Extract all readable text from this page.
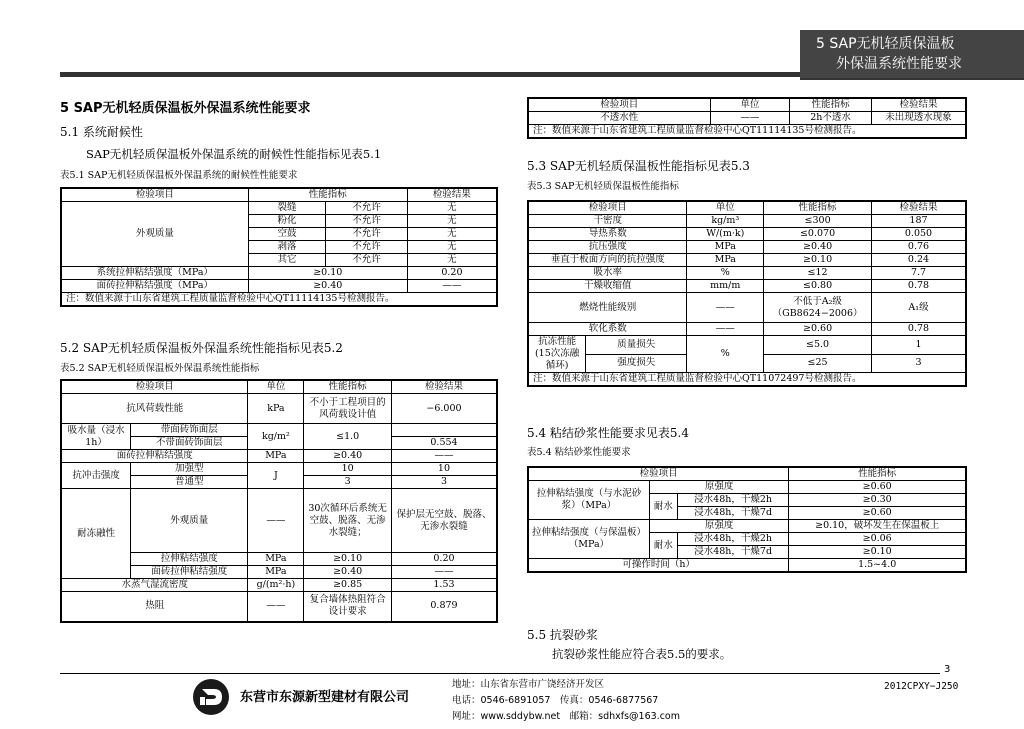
5 SAP无机轻质保温板
外保温系统性能要求
5 SAP无机轻质保温板外保温系统性能要求
5.1 系统耐候性
SAP无机轻质保温板外保温系统的耐候性性能指标见表5.1
表5.1 SAP无机轻质保温板外保温系统的耐候性性能要求
检验项目	性能指标		检验结果
外观质量	裂缝	不允许	无
	粉化	不允许	无
	空鼓	不允许	无
	剥落	不允许	无
	其它	不允许	无
系统拉伸粘结强度（MPa）	≥0.10		0.20
面砖拉伸粘结强度（MPa）	≥0.40		——
注：数值来源于山东省建筑工程质量监督检验中心QT11114135号检测报告。			
5.2 SAP无机轻质保温板外保温系统性能指标见表5.2
表5.2 SAP无机轻质保温板外保温系统性能指标
检验项目		单位	性能指标	检验结果
抗风荷载性能		kPa	不小于工程项目的风荷载设计值	−6.000
吸水量（浸水1h）	带面砖饰面层	kg/m²	≤1.0	
	不带面砖饰面层			0.554
面砖拉伸粘结强度		MPa	≥0.40	——
抗冲击强度	加强型	J	10	10
	普通型		3	3
耐冻融性	外观质量	——	30次循环后系统无空鼓、脱落、无渗水裂缝；	保护层无空鼓、脱落、无渗水裂缝
	拉伸粘结强度	MPa	≥0.10	0.20
	面砖拉伸粘结强度	MPa	≥0.40	——
水蒸气湿流密度		g/(m²·h)	≥0.85	1.53
热阻		——	复合墙体热阻符合设计要求	0.879
检验项目	单位	性能指标	检验结果
不透水性	——	2h不透水	未出现透水现象
注：数值来源于山东省建筑工程质量监督检验中心QT11114135号检测报告。			
5.3 SAP无机轻质保温板性能指标见表5.3
表5.3 SAP无机轻质保温板性能指标
检验项目		单位	性能指标	检验结果
干密度		kg/m³	≤300	187
导热系数		W/(m·k)	≤0.070	0.050
抗压强度		MPa	≥0.40	0.76
垂直于板面方向的抗拉强度		MPa	≥0.10	0.24
吸水率		%	≤12	7.7
干燥收缩值		mm/m	≤0.80	0.78
燃烧性能级别		——	不低于A₂级（GB8624−2006）	A₁级
软化系数		——	≥0.60	0.78
抗冻性能(15次冻融循环)	质量损失	%	≤5.0	1
	强度损失		≤25	3
注：数值来源于山东省建筑工程质量监督检验中心QT11072497号检测报告。				
5.4 粘结砂浆性能要求见表5.4
表5.4 粘结砂浆性能要求
检验项目			性能指标
拉伸粘结强度（与水泥砂浆）（MPa）	原强度		≥0.60
	耐水	浸水48h，干燥2h	≥0.30
		浸水48h，干燥7d	≥0.60
拉伸粘结强度（与保温板）（MPa）	原强度		≥0.10，破坏发生在保温板上
	耐水	浸水48h，干燥2h	≥0.06
		浸水48h，干燥7d	≥0.10
可操作时间（h）			1.5~4.0
5.5 抗裂砂浆
抗裂砂浆性能应符合表5.5的要求。
3
东营市东源新型建材有限公司
地址：山东省东营市广饶经济开发区
电话：0546-6891057　传真：0546-6877567
网址：www.sddybw.net　邮箱：sdhxfs@163.com
2012CPXY−J250
